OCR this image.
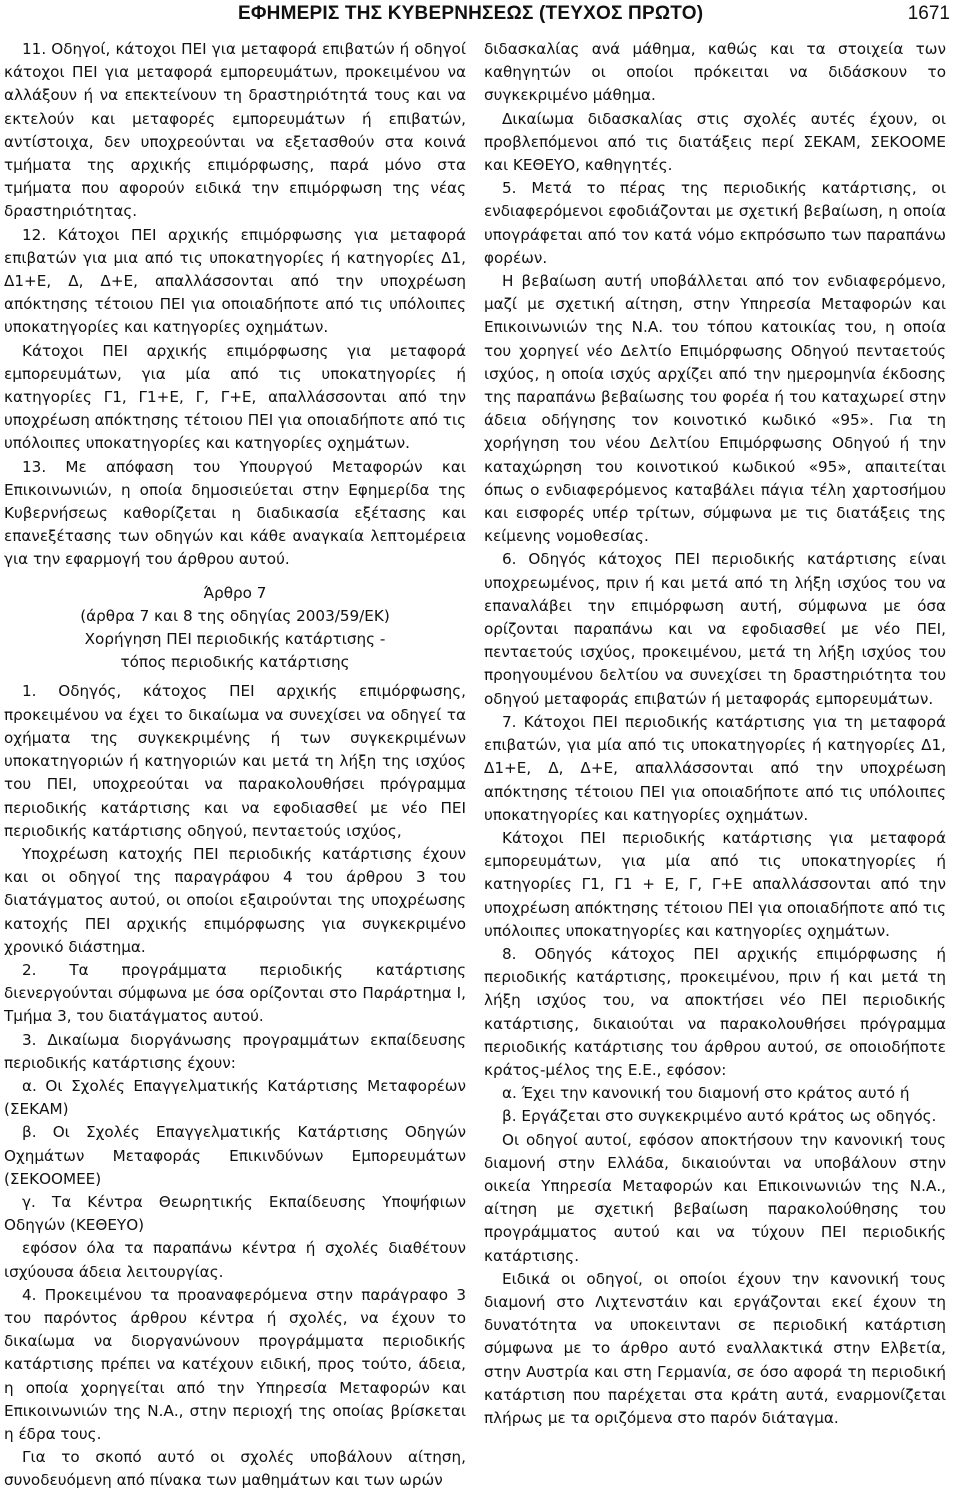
ΕΦΗΜΕΡΙΣ ΤΗΣ ΚΥΒΕΡΝΗΣΕΩΣ (ΤΕΥΧΟΣ ΠΡΩΤΟ)	1671

11. Οδηγοί, κάτοχοι ΠΕΙ για μεταφορά επιβατών ή οδηγοί κάτοχοι ΠΕΙ για μεταφορά εμπορευμάτων, προκειμένου να αλλάξουν ή να επεκτείνουν τη δραστηριότητά τους και να εκτελούν και μεταφορές εμπορευμάτων ή επιβατών, αντίστοιχα, δεν υποχρεούνται να εξετασθούν στα κοινά τμήματα της αρχικής επιμόρφωσης, παρά μόνο στα τμήματα που αφορούν ειδικά την επιμόρφωση της νέας δραστηριότητας.

12. Κάτοχοι ΠΕΙ αρχικής επιμόρφωσης για μεταφορά επιβατών για μια από τις υποκατηγορίες ή κατηγορίες Δ1, Δ1+Ε, Δ, Δ+Ε, απαλλάσσονται από την υποχρέωση απόκτησης τέτοιου ΠΕΙ για οποιαδήποτε από τις υπόλοιπες υποκατηγορίες και κατηγορίες οχημάτων.

Κάτοχοι ΠΕΙ αρχικής επιμόρφωσης για μεταφορά εμπορευμάτων, για μία από τις υποκατηγορίες ή κατηγορίες Γ1, Γ1+Ε, Γ, Γ+Ε, απαλλάσσονται από την υποχρέωση απόκτησης τέτοιου ΠΕΙ για οποιαδήποτε από τις υπόλοιπες υποκατηγορίες και κατηγορίες οχημάτων.

13. Με απόφαση του Υπουργού Μεταφορών και Επικοινωνιών, η οποία δημοσιεύεται στην Εφημερίδα της Κυβερνήσεως καθορίζεται η διαδικασία εξέτασης και επανεξέτασης των οδηγών και κάθε αναγκαία λεπτομέρεια για την εφαρμογή του άρθρου αυτού.

Άρθρο 7
(άρθρα 7 και 8 της οδηγίας 2003/59/ΕΚ)
Χορήγηση ΠΕΙ περιοδικής κατάρτισης -
τόπος περιοδικής κατάρτισης

1. Οδηγός, κάτοχος ΠΕΙ αρχικής επιμόρφωσης, προκειμένου να έχει το δικαίωμα να συνεχίσει να οδηγεί τα οχήματα της συγκεκριμένης ή των συγκεκριμένων υποκατηγοριών ή κατηγοριών και μετά τη λήξη της ισχύος του ΠΕΙ, υποχρεούται να παρακολουθήσει πρόγραμμα περιοδικής κατάρτισης και να εφοδιασθεί με νέο ΠΕΙ περιοδικής κατάρτισης οδηγού, πενταετούς ισχύος,

Υποχρέωση κατοχής ΠΕΙ περιοδικής κατάρτισης έχουν και οι οδηγοί της παραγράφου 4 του άρθρου 3 του διατάγματος αυτού, οι οποίοι εξαιρούνται της υποχρέωσης κατοχής ΠΕΙ αρχικής επιμόρφωσης για συγκεκριμένο χρονικό διάστημα.

2. Τα προγράμματα περιοδικής κατάρτισης διενεργούνται σύμφωνα με όσα ορίζονται στο Παράρτημα Ι, Τμήμα 3, του διατάγματος αυτού.

3. Δικαίωμα διοργάνωσης προγραμμάτων εκπαίδευσης περιοδικής κατάρτισης έχουν:

α. Οι Σχολές Επαγγελματικής Κατάρτισης Μεταφορέων (ΣΕΚΑΜ)

β. Οι Σχολές Επαγγελματικής Κατάρτισης Οδηγών Οχημάτων Μεταφοράς Επικινδύνων Εμπορευμάτων (ΣΕΚΟΟΜΕΕ)

γ. Τα Κέντρα Θεωρητικής Εκπαίδευσης Υποψήφιων Οδηγών (ΚΕΘΕΥΟ)

εφόσον όλα τα παραπάνω κέντρα ή σχολές διαθέτουν ισχύουσα άδεια λειτουργίας.

4. Προκειμένου τα προαναφερόμενα στην παράγραφο 3 του παρόντος άρθρου κέντρα ή σχολές, να έχουν το δικαίωμα να διοργανώνουν προγράμματα περιοδικής κατάρτισης πρέπει να κατέχουν ειδική, προς τούτο, άδεια, η οποία χορηγείται από την Υπηρεσία Μεταφορών και Επικοινωνιών της Ν.Α., στην περιοχή της οποίας βρίσκεται η έδρα τους.

Για το σκοπό αυτό οι σχολές υποβάλουν αίτηση, συνοδευόμενη από πίνακα των μαθημάτων και των ωρών

διδασκαλίας ανά μάθημα, καθώς και τα στοιχεία των καθηγητών οι οποίοι πρόκειται να διδάσκουν το συγκεκριμένο μάθημα.

Δικαίωμα διδασκαλίας στις σχολές αυτές έχουν, οι προβλεπόμενοι από τις διατάξεις περί ΣΕΚΑΜ, ΣΕΚΟΟΜΕ και ΚΕΘΕΥΟ, καθηγητές.

5. Μετά το πέρας της περιοδικής κατάρτισης, οι ενδιαφερόμενοι εφοδιάζονται με σχετική βεβαίωση, η οποία υπογράφεται από τον κατά νόμο εκπρόσωπο των παραπάνω φορέων.

Η βεβαίωση αυτή υποβάλλεται από τον ενδιαφερόμενο, μαζί με σχετική αίτηση, στην Υπηρεσία Μεταφορών και Επικοινωνιών της Ν.Α. του τόπου κατοικίας του, η οποία του χορηγεί νέο Δελτίο Επιμόρφωσης Οδηγού πενταετούς ισχύος, η οποία ισχύς αρχίζει από την ημερομηνία έκδοσης της παραπάνω βεβαίωσης του φορέα ή του καταχωρεί στην άδεια οδήγησης τον κοινοτικό κωδικό «95». Για τη χορήγηση του νέου Δελτίου Επιμόρφωσης Οδηγού ή την καταχώρηση του κοινοτικού κωδικού «95», απαιτείται όπως ο ενδιαφερόμενος καταβάλει πάγια τέλη χαρτοσήμου και εισφορές υπέρ τρίτων, σύμφωνα με τις διατάξεις της κείμενης νομοθεσίας.

6. Οδηγός κάτοχος ΠΕΙ περιοδικής κατάρτισης είναι υποχρεωμένος, πριν ή και μετά από τη λήξη ισχύος του να επαναλάβει την επιμόρφωση αυτή, σύμφωνα με όσα ορίζονται παραπάνω και να εφοδιασθεί με νέο ΠΕΙ, πενταετούς ισχύος, προκειμένου, μετά τη λήξη ισχύος του προηγουμένου δελτίου να συνεχίσει τη δραστηριότητα του οδηγού μεταφοράς επιβατών ή μεταφοράς εμπορευμάτων.

7. Κάτοχοι ΠΕΙ περιοδικής κατάρτισης για τη μεταφορά επιβατών, για μία από τις υποκατηγορίες ή κατηγορίες Δ1, Δ1+Ε, Δ, Δ+Ε, απαλλάσσονται από την υποχρέωση απόκτησης τέτοιου ΠΕΙ για οποιαδήποτε από τις υπόλοιπες υποκατηγορίες και κατηγορίες οχημάτων.

Κάτοχοι ΠΕΙ περιοδικής κατάρτισης για μεταφορά εμπορευμάτων, για μία από τις υποκατηγορίες ή κατηγορίες Γ1, Γ1 + Ε, Γ, Γ+Ε απαλλάσσονται από την υποχρέωση απόκτησης τέτοιου ΠΕΙ για οποιαδήποτε από τις υπόλοιπες υποκατηγορίες και κατηγορίες οχημάτων.

8. Οδηγός κάτοχος ΠΕΙ αρχικής επιμόρφωσης ή περιοδικής κατάρτισης, προκειμένου, πριν ή και μετά τη λήξη ισχύος του, να αποκτήσει νέο ΠΕΙ περιοδικής κατάρτισης, δικαιούται να παρακολουθήσει πρόγραμμα περιοδικής κατάρτισης του άρθρου αυτού, σε οποιοδήποτε κράτος-μέλος της Ε.Ε., εφόσον:

α. Έχει την κανονική του διαμονή στο κράτος αυτό ή

β. Εργάζεται στο συγκεκριμένο αυτό κράτος ως οδηγός.

Οι οδηγοί αυτοί, εφόσον αποκτήσουν την κανονική τους διαμονή στην Ελλάδα, δικαιούνται να υποβάλουν στην οικεία Υπηρεσία Μεταφορών και Επικοινωνιών της Ν.Α., αίτηση με σχετική βεβαίωση παρακολούθησης του προγράμματος αυτού και να τύχουν ΠΕΙ περιοδικής κατάρτισης.

Ειδικά οι οδηγοί, οι οποίοι έχουν την κανονική τους διαμονή στο Λιχτενστάιν και εργάζονται εκεί έχουν τη δυνατότητα να υποκειντανι σε περιοδική κατάρτιση σύμφωνα με το άρθρο αυτό εναλλακτικά στην Ελβετία, στην Αυστρία και στη Γερμανία, σε όσο αφορά τη περιοδική κατάρτιση που παρέχεται στα κράτη αυτά, εναρμονίζεται πλήρως με τα οριζόμενα στο παρόν διάταγμα.
